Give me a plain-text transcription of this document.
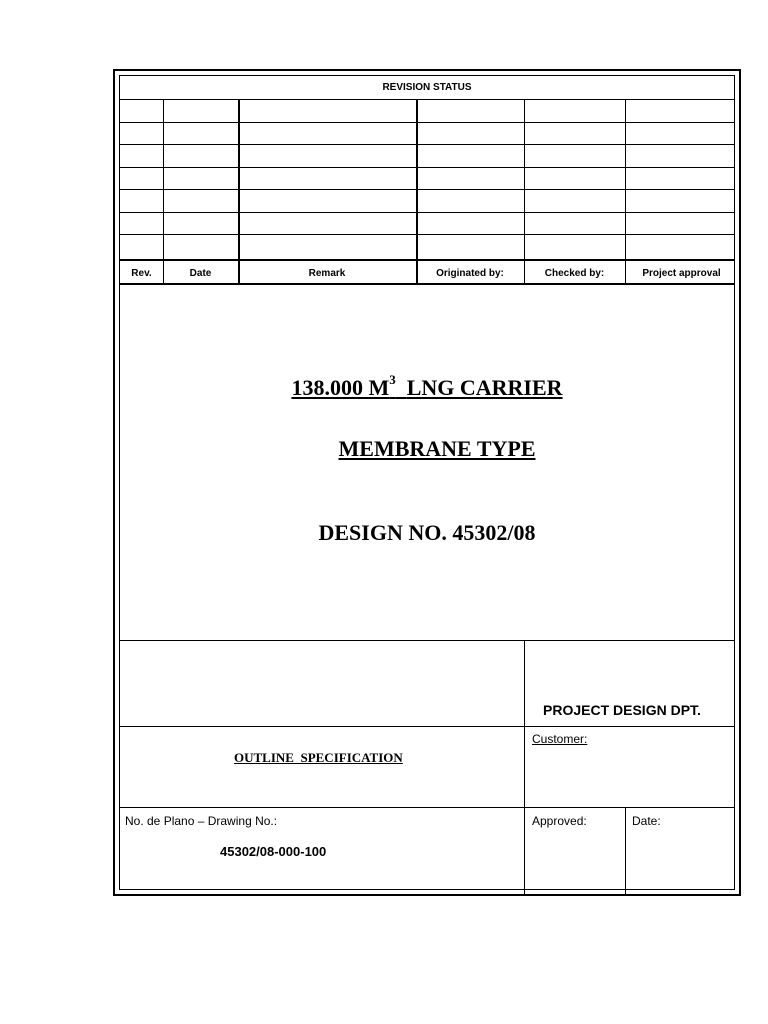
REVISION STATUS
Rev.	Date	Remark	Originated by:	Checked by:	Project approval
138.000 $M^3$ LNG CARRIER
MEMBRANE TYPE
DESIGN NO. 45302/08
PROJECT DESIGN DPT.
OUTLINE  SPECIFICATION
Customer:
No. de Plano – Drawing No.:
45302/08-000-100
Approved:	Date:
